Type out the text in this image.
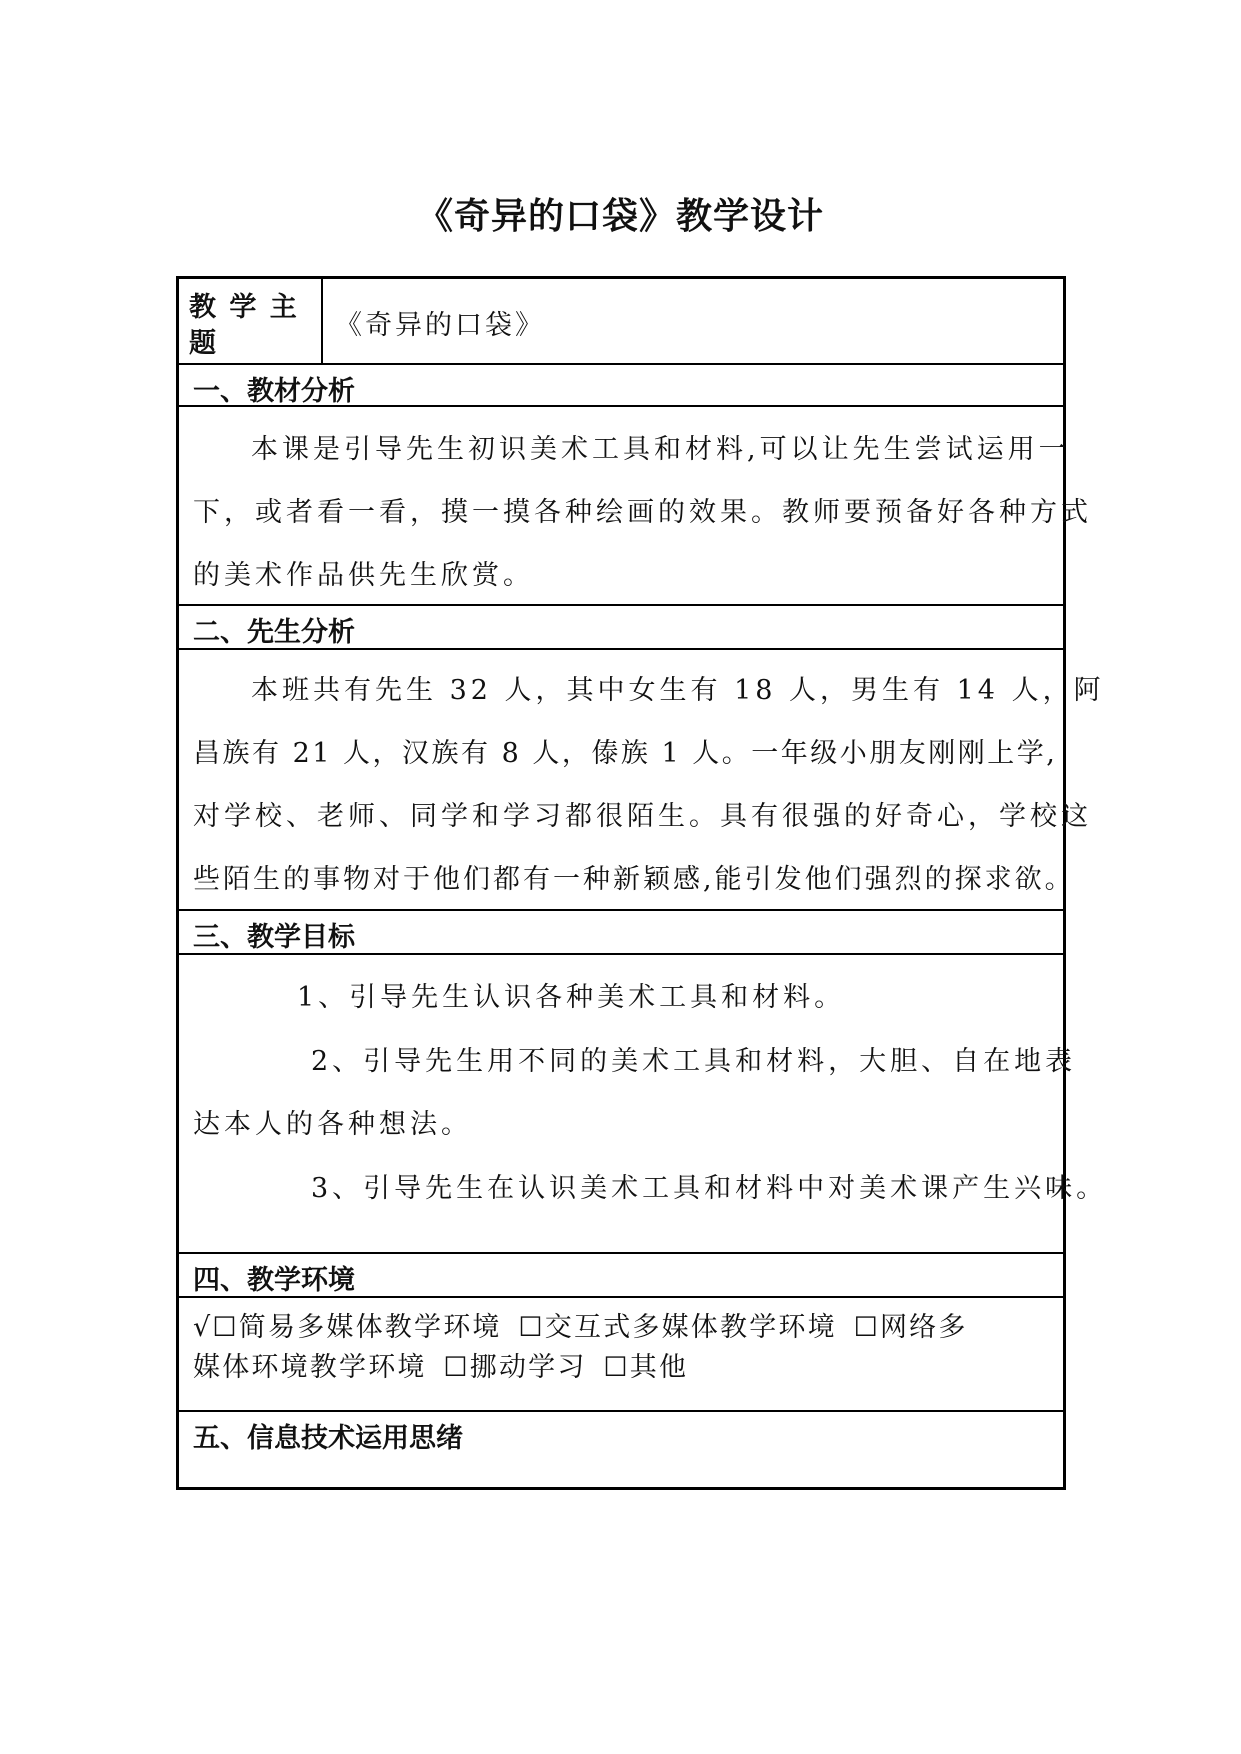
《奇异的口袋》教学设计
教 学 主
题
《奇异的口袋》
一、教材分析
本课是引导先生初识美术工具和材料,可以让先生尝试运用一
下，或者看一看，摸一摸各种绘画的效果。教师要预备好各种方式
的美术作品供先生欣赏。
二、先生分析
本班共有先生 32 人，其中女生有 18 人，男生有 14 人，阿
昌族有 21 人，汉族有 8 人，傣族 1 人。一年级小朋友刚刚上学,
对学校、老师、同学和学习都很陌生。具有很强的好奇心，学校这
些陌生的事物对于他们都有一种新颖感,能引发他们强烈的探求欲。
三、教学目标
1、引导先生认识各种美术工具和材料。
2、引导先生用不同的美术工具和材料，大胆、自在地表
达本人的各种想法。
3、引导先生在认识美术工具和材料中对美术课产生兴味。
四、教学环境
√☐简易多媒体教学环境 ☐交互式多媒体教学环境 ☐网络多
媒体环境教学环境 ☐挪动学习 ☐其他
五、信息技术运用思绪
